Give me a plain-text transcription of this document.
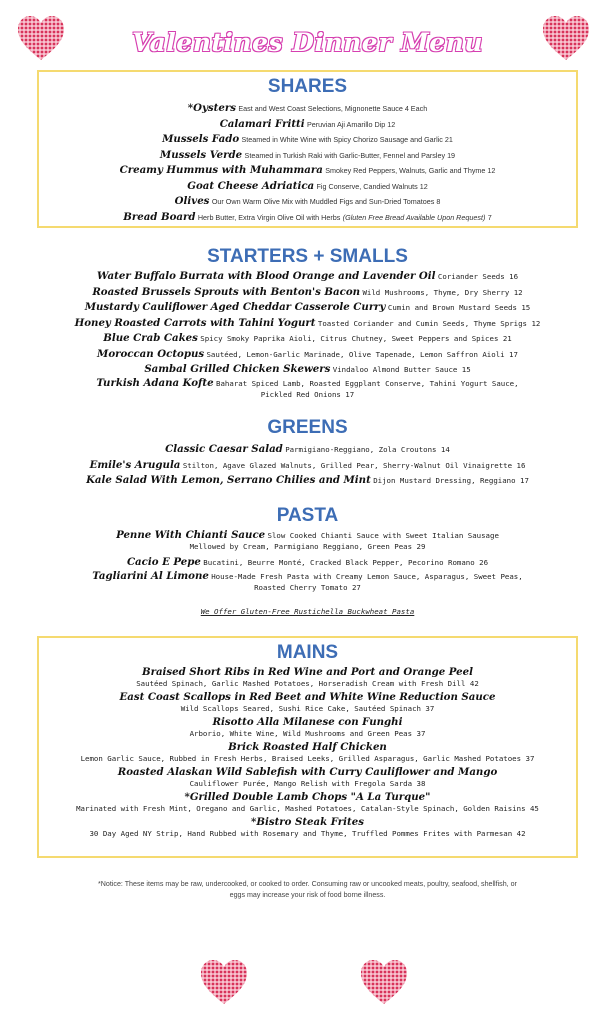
Valentines Dinner Menu
SHARES
*Oysters East and West Coast Selections, Mignonette Sauce 4 Each
Calamari Fritti Peruvian Aji Amarillo Dip 12
Mussels Fado Steamed in White Wine with Spicy Chorizo Sausage and Garlic 21
Mussels Verde Steamed in Turkish Raki with Garlic-Butter, Fennel and Parsley 19
Creamy Hummus with Muhammara Smokey Red Peppers, Walnuts, Garlic and Thyme 12
Goat Cheese Adriatica Fig Conserve, Candied Walnuts 12
Olives Our Own Warm Olive Mix with Muddled Figs and Sun-Dried Tomatoes 8
Bread Board Herb Butter, Extra Virgin Olive Oil with Herbs (Gluten Free Bread Available Upon Request) 7
STARTERS + SMALLS
Water Buffalo Burrata with Blood Orange and Lavender Oil Coriander Seeds 16
Roasted Brussels Sprouts with Benton's Bacon Wild Mushrooms, Thyme, Dry Sherry 12
Mustardy Cauliflower Aged Cheddar Casserole Curry Cumin and Brown Mustard Seeds 15
Honey Roasted Carrots with Tahini Yogurt Toasted Coriander and Cumin Seeds, Thyme Sprigs 12
Blue Crab Cakes Spicy Smoky Paprika Aioli, Citrus Chutney, Sweet Peppers and Spices 21
Moroccan Octopus Sautéed, Lemon-Garlic Marinade, Olive Tapenade, Lemon Saffron Aioli 17
Sambal Grilled Chicken Skewers Vindaloo Almond Butter Sauce 15
Turkish Adana Kofte Baharat Spiced Lamb, Roasted Eggplant Conserve, Tahini Yogurt Sauce,
Pickled Red Onions 17
GREENS
Classic Caesar Salad Parmigiano-Reggiano, Zola Croutons 14
Emile's Arugula Stilton, Agave Glazed Walnuts, Grilled Pear, Sherry-Walnut Oil Vinaigrette 16
Kale Salad With Lemon, Serrano Chilies and Mint Dijon Mustard Dressing, Reggiano 17
PASTA
Penne With Chianti Sauce Slow Cooked Chianti Sauce with Sweet Italian Sausage
Mellowed by Cream, Parmigiano Reggiano, Green Peas 29
Cacio E Pepe Bucatini, Beurre Monté, Cracked Black Pepper, Pecorino Romano 26
Tagliarini Al Limone House-Made Fresh Pasta with Creamy Lemon Sauce, Asparagus, Sweet Peas,
Roasted Cherry Tomato 27
We Offer Gluten-Free Rustichella Buckwheat Pasta
MAINS
Braised Short Ribs in Red Wine and Port and Orange Peel
Sautéed Spinach, Garlic Mashed Potatoes, Horseradish Cream with Fresh Dill 42
East Coast Scallops in Red Beet and White Wine Reduction Sauce
Wild Scallops Seared, Sushi Rice Cake, Sautéed Spinach 37
Risotto Alla Milanese con Funghi
Arborio, White Wine, Wild Mushrooms and Green Peas 37
Brick Roasted Half Chicken
Lemon Garlic Sauce, Rubbed in Fresh Herbs, Braised Leeks, Grilled Asparagus, Garlic Mashed Potatoes 37
Roasted Alaskan Wild Sablefish with Curry Cauliflower and Mango
Cauliflower Purée, Mango Relish with Fregola Sarda 38
*Grilled Double Lamb Chops "A La Turque"
Marinated with Fresh Mint, Oregano and Garlic, Mashed Potatoes, Catalan-Style Spinach, Golden Raisins 45
*Bistro Steak Frites
30 Day Aged NY Strip, Hand Rubbed with Rosemary and Thyme, Truffled Pommes Frites with Parmesan 42
*Notice: These items may be raw, undercooked, or cooked to order. Consuming raw or uncooked meats, poultry, seafood, shellfish, or
eggs may increase your risk of food borne illness.
